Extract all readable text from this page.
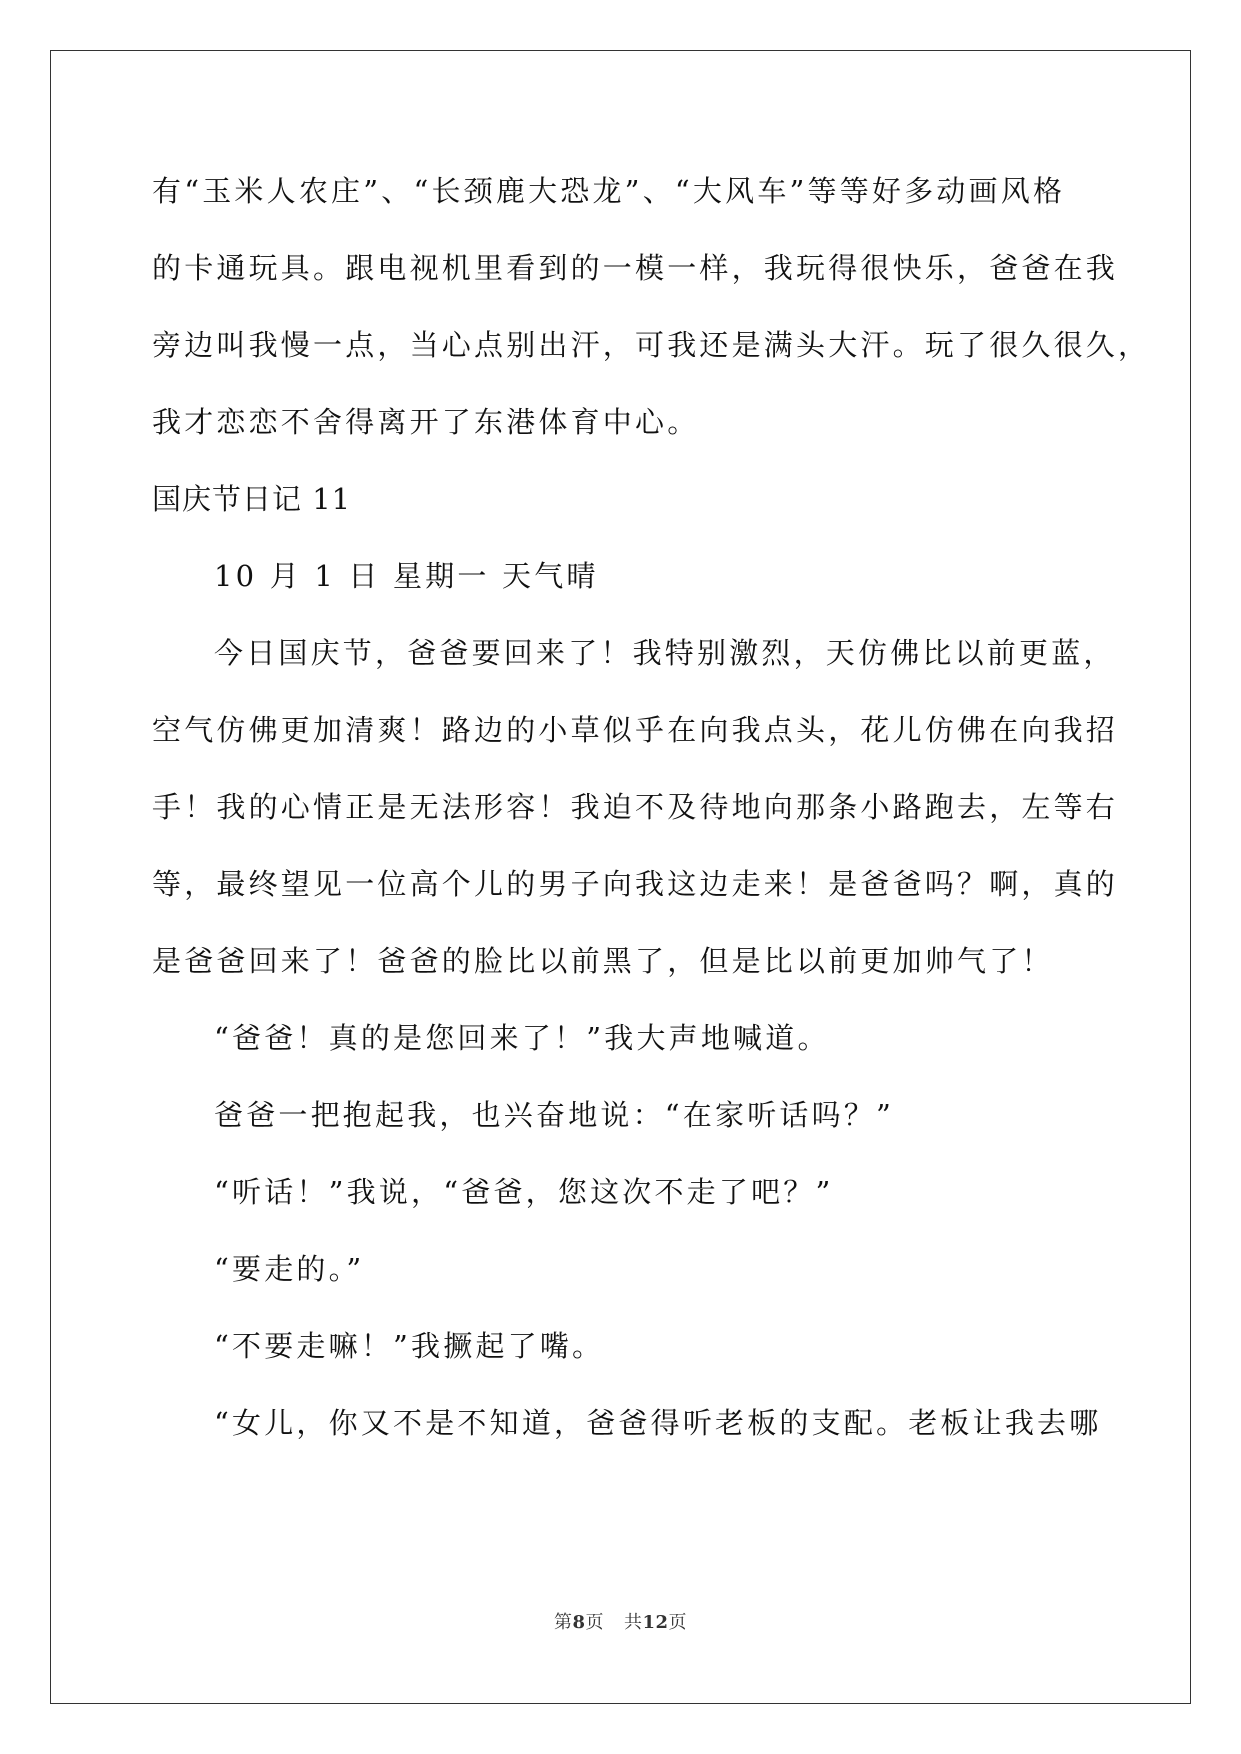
有“玉米人农庄”、“长颈鹿大恐龙”、“大风车”等等好多动画风格
的卡通玩具。跟电视机里看到的一模一样，我玩得很快乐，爸爸在我
旁边叫我慢一点，当心点别出汗，可我还是满头大汗。玩了很久很久，
我才恋恋不舍得离开了东港体育中心。
国庆节日记 11
10 月 1 日 星期一 天气晴
今日国庆节，爸爸要回来了！我特别激烈，天仿佛比以前更蓝，
空气仿佛更加清爽！路边的小草似乎在向我点头，花儿仿佛在向我招
手！我的心情正是无法形容！我迫不及待地向那条小路跑去，左等右
等，最终望见一位高个儿的男子向我这边走来！是爸爸吗？啊，真的
是爸爸回来了！爸爸的脸比以前黑了，但是比以前更加帅气了！
“爸爸！真的是您回来了！”我大声地喊道。
爸爸一把抱起我，也兴奋地说：“在家听话吗？”
“听话！”我说，“爸爸，您这次不走了吧？”
“要走的。”
“不要走嘛！”我撅起了嘴。
“女儿，你又不是不知道，爸爸得听老板的支配。老板让我去哪
第8页 共12页
